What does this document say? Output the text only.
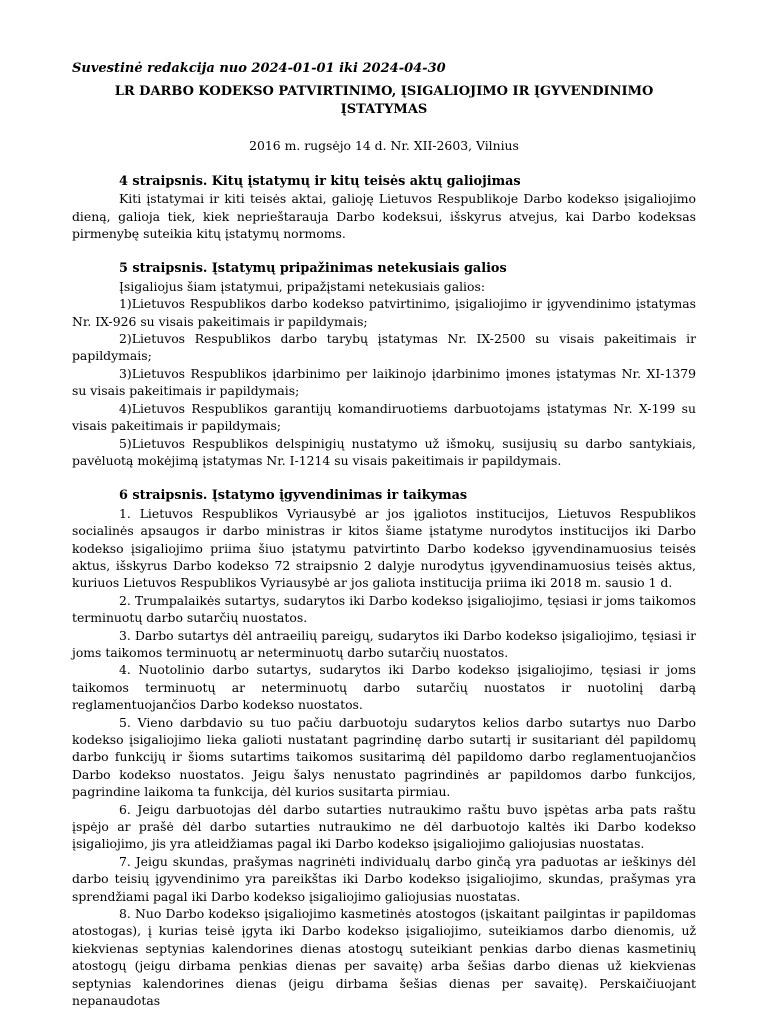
Suvestinė redakcija nuo 2024-01-01 iki 2024-04-30

LR DARBO KODEKSO PATVIRTINIMO, ĮSIGALIOJIMO IR ĮGYVENDINIMO ĮSTATYMAS

2016 m. rugsėjo 14 d. Nr. XII-2603, Vilnius

4 straipsnis. Kitų įstatymų ir kitų teisės aktų galiojimas

Kiti įstatymai ir kiti teisės aktai, galioję Lietuvos Respublikoje Darbo kodekso įsigaliojimo dieną, galioja tiek, kiek neprieštarauja Darbo kodeksui, išskyrus atvejus, kai Darbo kodeksas pirmenybę suteikia kitų įstatymų normoms.

5 straipsnis. Įstatymų pripažinimas netekusiais galios

Įsigaliojus šiam įstatymui, pripažįstami netekusiais galios:

1)Lietuvos Respublikos darbo kodekso patvirtinimo, įsigaliojimo ir įgyvendinimo įstatymas Nr. IX-926 su visais pakeitimais ir papildymais;

2)Lietuvos Respublikos darbo tarybų įstatymas Nr. IX-2500 su visais pakeitimais ir papildymais;

3)Lietuvos Respublikos įdarbinimo per laikinojo įdarbinimo įmones įstatymas Nr. XI-1379 su visais pakeitimais ir papildymais;

4)Lietuvos Respublikos garantijų komandiruotiems darbuotojams įstatymas Nr. X-199 su visais pakeitimais ir papildymais;

5)Lietuvos Respublikos delspinigių nustatymo už išmokų, susijusių su darbo santykiais, pavėluotą mokėjimą įstatymas Nr. I-1214 su visais pakeitimais ir papildymais.

6 straipsnis. Įstatymo įgyvendinimas ir taikymas

1. Lietuvos Respublikos Vyriausybė ar jos įgaliotos institucijos, Lietuvos Respublikos socialinės apsaugos ir darbo ministras ir kitos šiame įstatyme nurodytos institucijos iki Darbo kodekso įsigaliojimo priima šiuo įstatymu patvirtinto Darbo kodekso įgyvendinamuosius teisės aktus, išskyrus Darbo kodekso 72 straipsnio 2 dalyje nurodytus įgyvendinamuosius teisės aktus, kuriuos Lietuvos Respublikos Vyriausybė ar jos galiota institucija priima iki 2018 m. sausio 1 d.

2. Trumpalaikės sutartys, sudarytos iki Darbo kodekso įsigaliojimo, tęsiasi ir joms taikomos terminuotų darbo sutarčių nuostatos.

3. Darbo sutartys dėl antraeilių pareigų, sudarytos iki Darbo kodekso įsigaliojimo, tęsiasi ir joms taikomos terminuotų ar neterminuotų darbo sutarčių nuostatos.

4. Nuotolinio darbo sutartys, sudarytos iki Darbo kodekso įsigaliojimo, tęsiasi ir joms taikomos terminuotų ar neterminuotų darbo sutarčių nuostatos ir nuotolinį darbą reglamentuojančios Darbo kodekso nuostatos.

5. Vieno darbdavio su tuo pačiu darbuotoju sudarytos kelios darbo sutartys nuo Darbo kodekso įsigaliojimo lieka galioti nustatant pagrindinę darbo sutartį ir susitariant dėl papildomų darbo funkcijų ir šioms sutartims taikomos susitarimą dėl papildomo darbo reglamentuojančios Darbo kodekso nuostatos. Jeigu šalys nenustato pagrindinės ar papildomos darbo funkcijos, pagrindine laikoma ta funkcija, dėl kurios susitarta pirmiau.

6. Jeigu darbuotojas dėl darbo sutarties nutraukimo raštu buvo įspėtas arba pats raštu įspėjo ar prašė dėl darbo sutarties nutraukimo ne dėl darbuotojo kaltės iki Darbo kodekso įsigaliojimo, jis yra atleidžiamas pagal iki Darbo kodekso įsigaliojimo galiojusias nuostatas.

7. Jeigu skundas, prašymas nagrinėti individualų darbo ginčą yra paduotas ar ieškinys dėl darbo teisių įgyvendinimo yra pareikštas iki Darbo kodekso įsigaliojimo, skundas, prašymas yra sprendžiami pagal iki Darbo kodekso įsigaliojimo galiojusias nuostatas.

8. Nuo Darbo kodekso įsigaliojimo kasmetinės atostogos (įskaitant pailgintas ir papildomas atostogas), į kurias teisė įgyta iki Darbo kodekso įsigaliojimo, suteikiamos darbo dienomis, už kiekvienas septynias kalendorines dienas atostogų suteikiant penkias darbo dienas kasmetinių atostogų (jeigu dirbama penkias dienas per savaitę) arba šešias darbo dienas už kiekvienas septynias kalendorines dienas (jeigu dirbama šešias dienas per savaitę). Perskaičiuojant nepanaudotas
